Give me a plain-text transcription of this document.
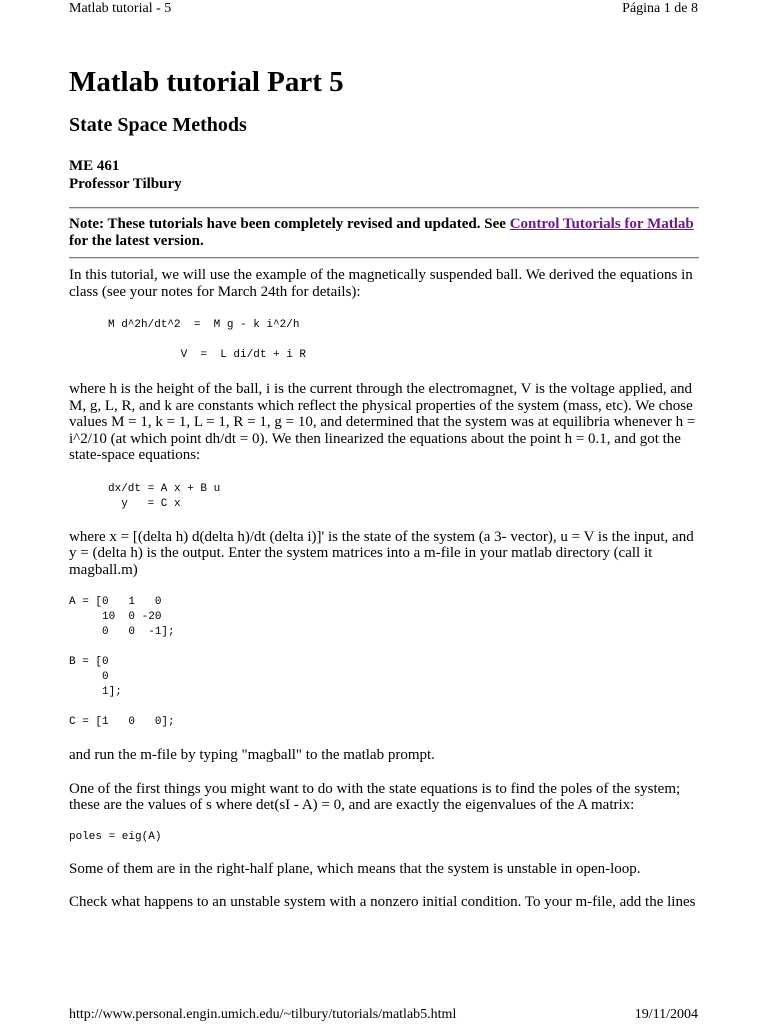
Matlab tutorial - 5	Página 1 de 8
Matlab tutorial Part 5
State Space Methods
ME 461
Professor Tilbury
Note: These tutorials have been completely revised and updated. See Control Tutorials for Matlab for the latest version.

In this tutorial, we will use the example of the magnetically suspended ball. We derived the equations in class (see your notes for March 24th for details):

M d^2h/dt^2  =  M g - k i^2/h

V  =  L di/dt + i R

where h is the height of the ball, i is the current through the electromagnet, V is the voltage applied, and M, g, L, R, and k are constants which reflect the physical properties of the system (mass, etc). We chose values M = 1, k = 1, L = 1, R = 1, g = 10, and determined that the system was at equilibria whenever h = i^2/10 (at which point dh/dt = 0). We then linearized the equations about the point h = 0.1, and got the state-space equations:

dx/dt = A x + B u
y   = C x

where x = [(delta h) d(delta h)/dt (delta i)]' is the state of the system (a 3- vector), u = V is the input, and y = (delta h) is the output. Enter the system matrices into a m-file in your matlab directory (call it magball.m)

A = [0   1   0
10  0 -20
0   0  -1];
B = [0
0
1];
C = [1   0   0];

and run the m-file by typing "magball" to the matlab prompt.

One of the first things you might want to do with the state equations is to find the poles of the system; these are the values of s where det(sI - A) = 0, and are exactly the eigenvalues of the A matrix:

poles = eig(A)

Some of them are in the right-half plane, which means that the system is unstable in open-loop.

Check what happens to an unstable system with a nonzero initial condition. To your m-file, add the lines

http://www.personal.engin.umich.edu/~tilbury/tutorials/matlab5.html	19/11/2004
